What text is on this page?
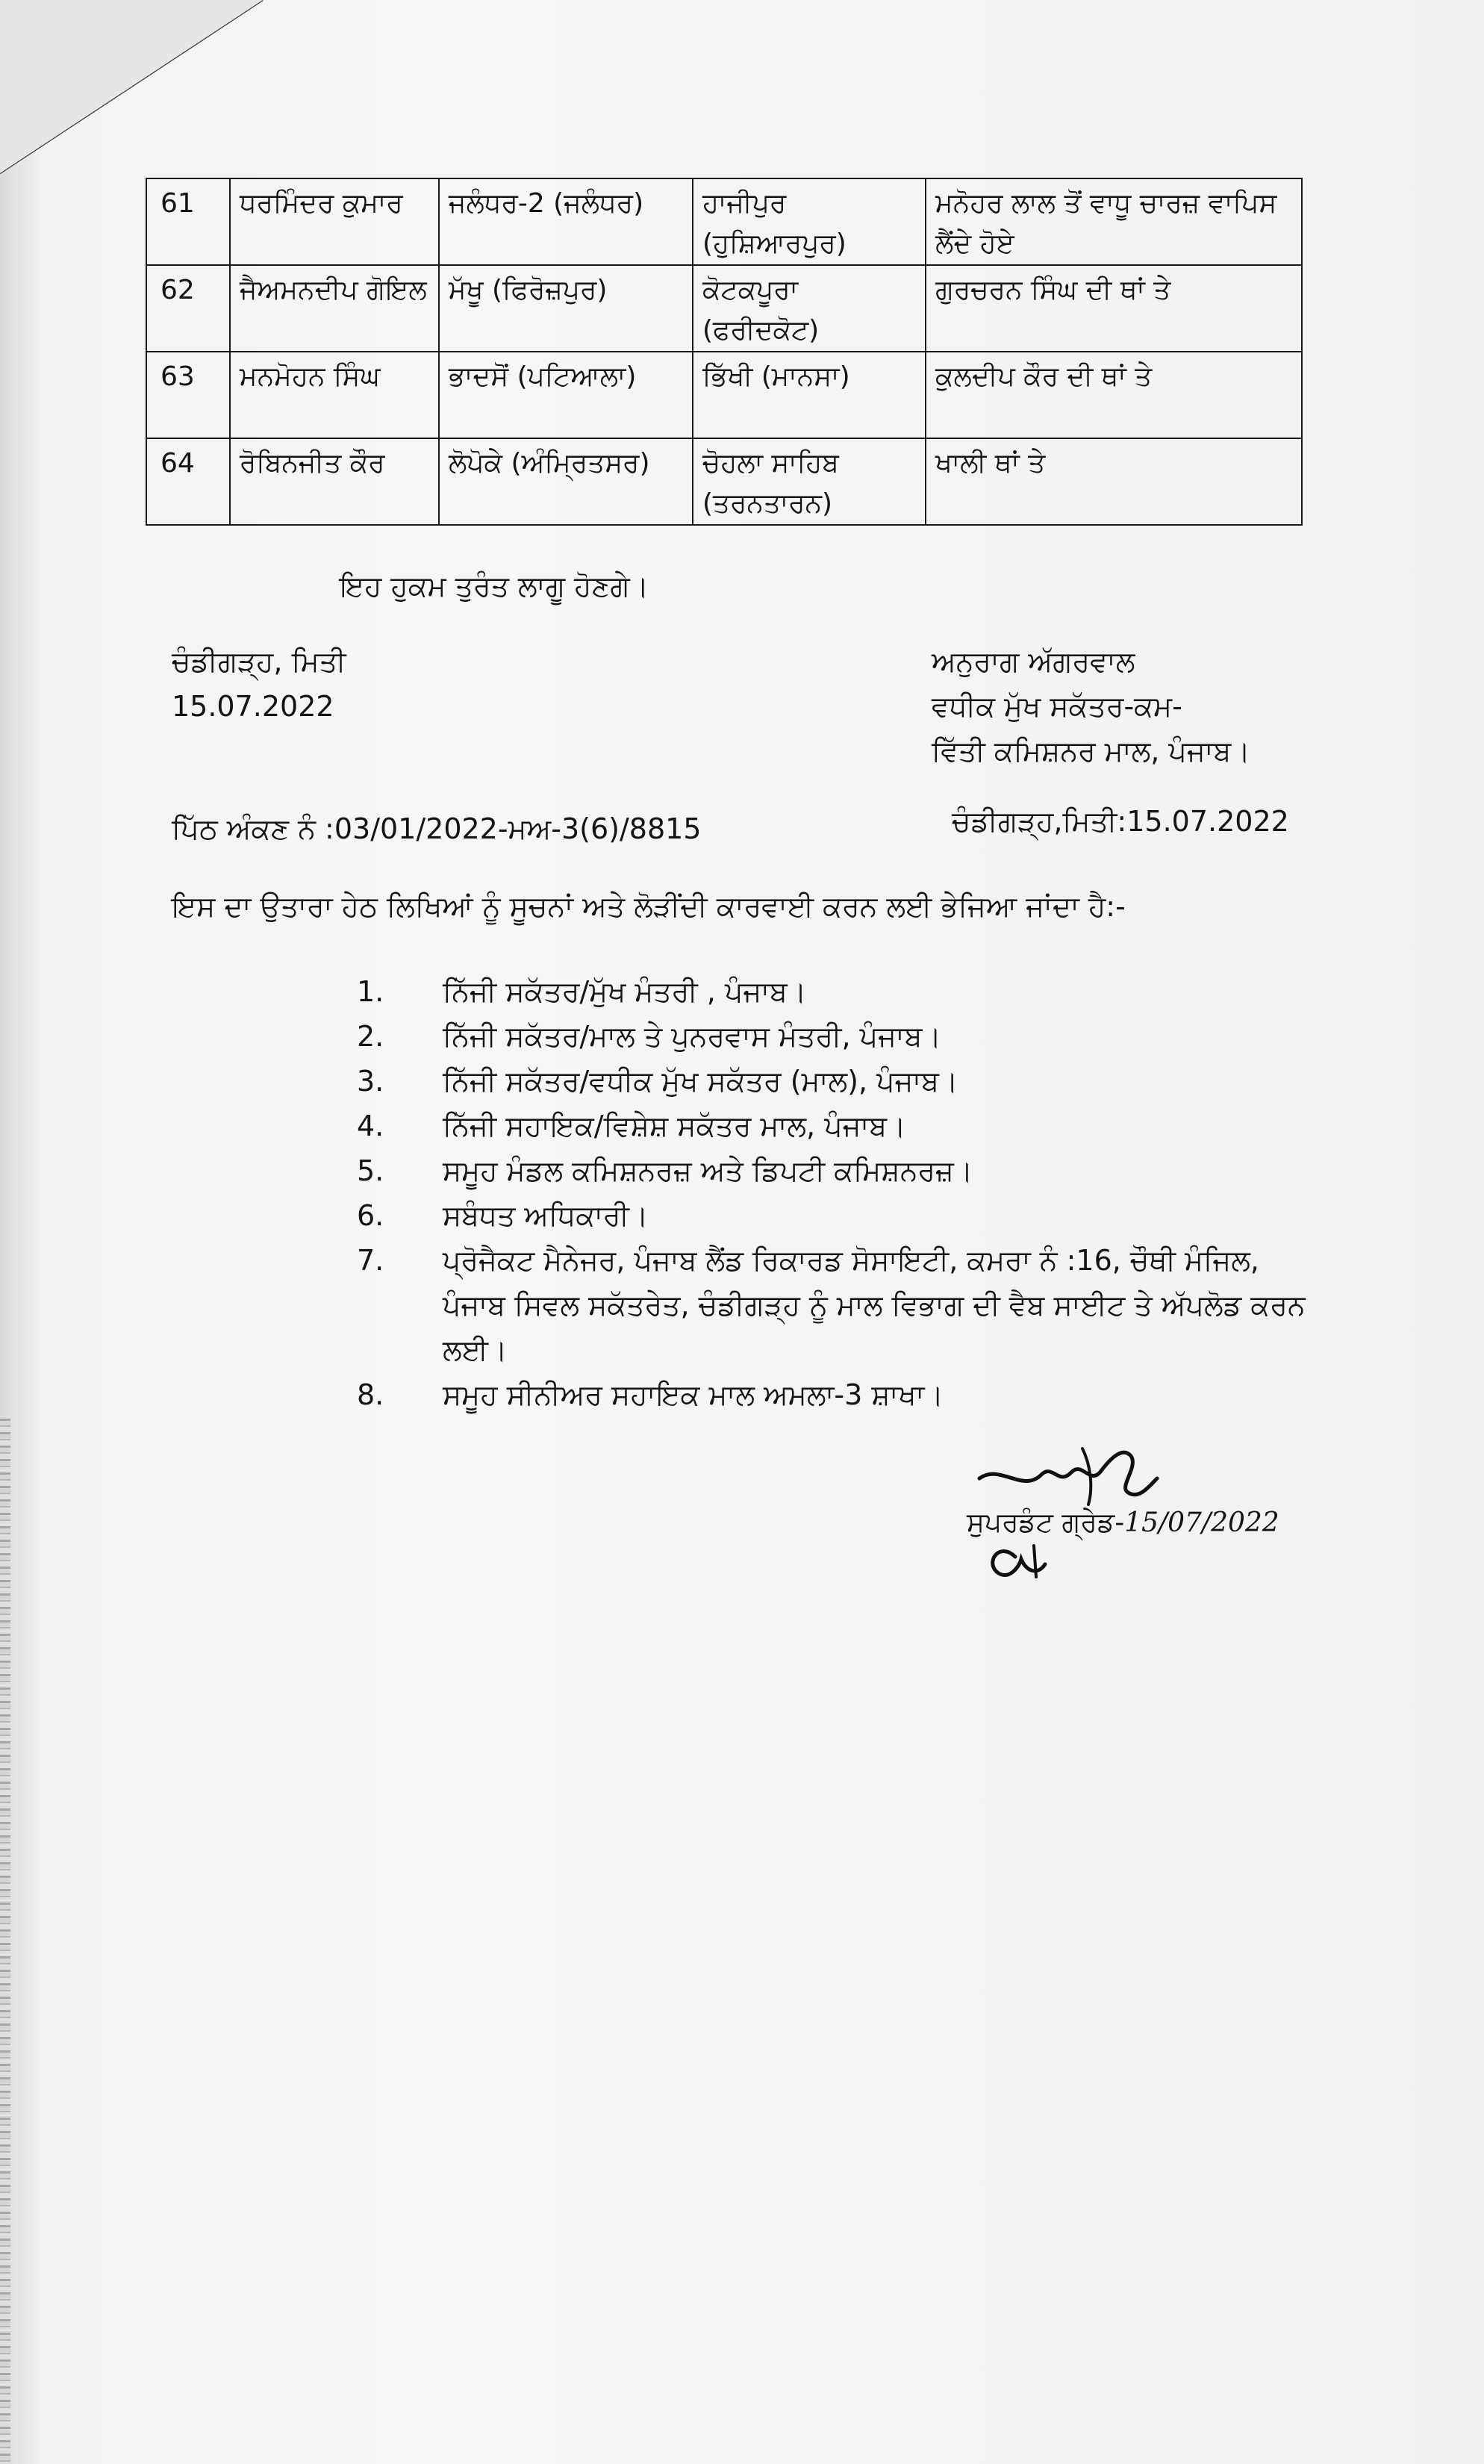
61	ਧਰਮਿੰਦਰ ਕੁਮਾਰ	ਜਲੰਧਰ-2 (ਜਲੰਧਰ)	ਹਾਜੀਪੁਰ (ਹੁਸ਼ਿਆਰਪੁਰ)	ਮਨੋਹਰ ਲਾਲ ਤੋਂ ਵਾਧੂ ਚਾਰਜ਼ ਵਾਪਿਸ ਲੈਂਦੇ ਹੋਏ
62	ਜੈਅਮਨਦੀਪ ਗੋਇਲ	ਮੱਖੂ (ਫਿਰੋਜ਼ਪੁਰ)	ਕੋਟਕਪੂਰਾ (ਫਰੀਦਕੋਟ)	ਗੁਰਚਰਨ ਸਿੰਘ ਦੀ ਥਾਂ ਤੇ
63	ਮਨਮੋਹਨ ਸਿੰਘ	ਭਾਦਸੋਂ (ਪਟਿਆਲਾ)	ਭਿੱਖੀ (ਮਾਨਸਾ)	ਕੁਲਦੀਪ ਕੌਰ ਦੀ ਥਾਂ ਤੇ
64	ਰੋਬਿਨਜੀਤ ਕੌਰ	ਲੋਪੋਕੇ (ਅੰਮ੍ਰਿਤਸਰ)	ਚੋਹਲਾ ਸਾਹਿਬ (ਤਰਨਤਾਰਨ)	ਖਾਲੀ ਥਾਂ ਤੇ
ਇਹ ਹੁਕਮ ਤੁਰੰਤ ਲਾਗੂ ਹੋਣਗੇ।
ਚੰਡੀਗੜ੍ਹ, ਮਿਤੀ
15.07.2022
ਅਨੁਰਾਗ ਅੱਗਰਵਾਲ
ਵਧੀਕ ਮੁੱਖ ਸਕੱਤਰ-ਕਮ-
ਵਿੱਤੀ ਕਮਿਸ਼ਨਰ ਮਾਲ, ਪੰਜਾਬ।
ਪਿੱਠ ਅੰਕਣ ਨੰ :03/01/2022-ਮਅ-3(6)/8815	ਚੰਡੀਗੜ੍ਹ,ਮਿਤੀ:15.07.2022
ਇਸ ਦਾ ਉਤਾਰਾ ਹੇਠ ਲਿਖਿਆਂ ਨੂੰ ਸੂਚਨਾਂ ਅਤੇ ਲੋੜੀਂਦੀ ਕਾਰਵਾਈ ਕਰਨ ਲਈ ਭੇਜਿਆ ਜਾਂਦਾ ਹੈ:-
1.	ਨਿੱਜੀ ਸਕੱਤਰ/ਮੁੱਖ ਮੰਤਰੀ , ਪੰਜਾਬ।
2.	ਨਿੱਜੀ ਸਕੱਤਰ/ਮਾਲ ਤੇ ਪੁਨਰਵਾਸ ਮੰਤਰੀ, ਪੰਜਾਬ।
3.	ਨਿੱਜੀ ਸਕੱਤਰ/ਵਧੀਕ ਮੁੱਖ ਸਕੱਤਰ (ਮਾਲ), ਪੰਜਾਬ।
4.	ਨਿੱਜੀ ਸਹਾਇਕ/ਵਿਸ਼ੇਸ਼ ਸਕੱਤਰ ਮਾਲ, ਪੰਜਾਬ।
5.	ਸਮੂਹ ਮੰਡਲ ਕਮਿਸ਼ਨਰਜ਼ ਅਤੇ ਡਿਪਟੀ ਕਮਿਸ਼ਨਰਜ਼।
6.	ਸਬੰਧਤ ਅਧਿਕਾਰੀ।
7.	ਪ੍ਰੋਜੈਕਟ ਮੈਨੇਜਰ, ਪੰਜਾਬ ਲੈਂਡ ਰਿਕਾਰਡ ਸੋਸਾਇਟੀ, ਕਮਰਾ ਨੰ :16, ਚੌਥੀ ਮੰਜਿਲ, ਪੰਜਾਬ ਸਿਵਲ ਸਕੱਤਰੇਤ, ਚੰਡੀਗੜ੍ਹ ਨੂੰ ਮਾਲ ਵਿਭਾਗ ਦੀ ਵੈਬ ਸਾਈਟ ਤੇ ਅੱਪਲੋਡ ਕਰਨ ਲਈ।
8.	ਸਮੂਹ ਸੀਨੀਅਰ ਸਹਾਇਕ ਮਾਲ ਅਮਲਾ-3 ਸ਼ਾਖਾ।
ਸੁਪਰਡੰਟ ਗ੍ਰੇਡ-15/07/2022
